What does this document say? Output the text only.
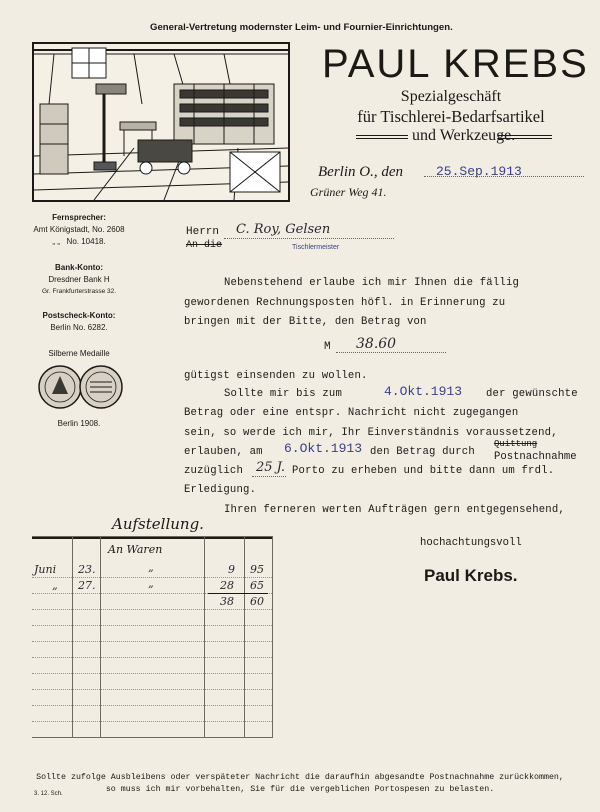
General-Vertretung modernster Leim- und Fournier-Einrichtungen.
PAUL KREBS
Spezialgeschäft
für Tischlerei-Bedarfsartikel
und Werkzeuge.
Berlin O., den	25.Sep.1913
Grüner Weg 41.
Fernsprecher:
Amt Königstadt, No. 2608
„ „ No. 10418.
Bank-Konto:
Dresdner Bank H
Gr. Frankfurterstrasse 32.
Postscheck-Konto:
Berlin No. 6282.
Silberne Medaille
Berlin 1908.
Herrn
An die
C. Roy, Gelsen
Tischlermeister
Nebenstehend erlaube ich mir Ihnen die fällig
gewordenen Rechnungsposten höfl. in Erinnerung zu
bringen mit der Bitte, den Betrag von
M 38.60
gütigst einsenden zu wollen.
Sollte mir bis zum	4.Okt.1913 der gewünschte
Betrag oder eine entspr. Nachricht nicht zugegangen
sein, so werde ich mir, Ihr Einverständnis voraussetzend,
erlauben, am 6.Okt.1913 den Betrag durch
Quittung
Postnachnahme
zuzüglich 25 J. Porto zu erheben und bitte dann um frdl.
Erledigung.
Ihren ferneren werten Aufträgen gern entgegensehend,
hochachtungsvoll
Paul Krebs.
Aufstellung.
An Waren
Juni 23.	„	9 95
„ 27.	„	28 65
38 60
Sollte zufolge Ausbleibens oder verspäteter Nachricht die daraufhin abgesandte Postnachnahme zurückkommen,
so muss ich mir vorbehalten, Sie für die vergeblichen Portospesen zu belasten.
3. 12. Sch.
